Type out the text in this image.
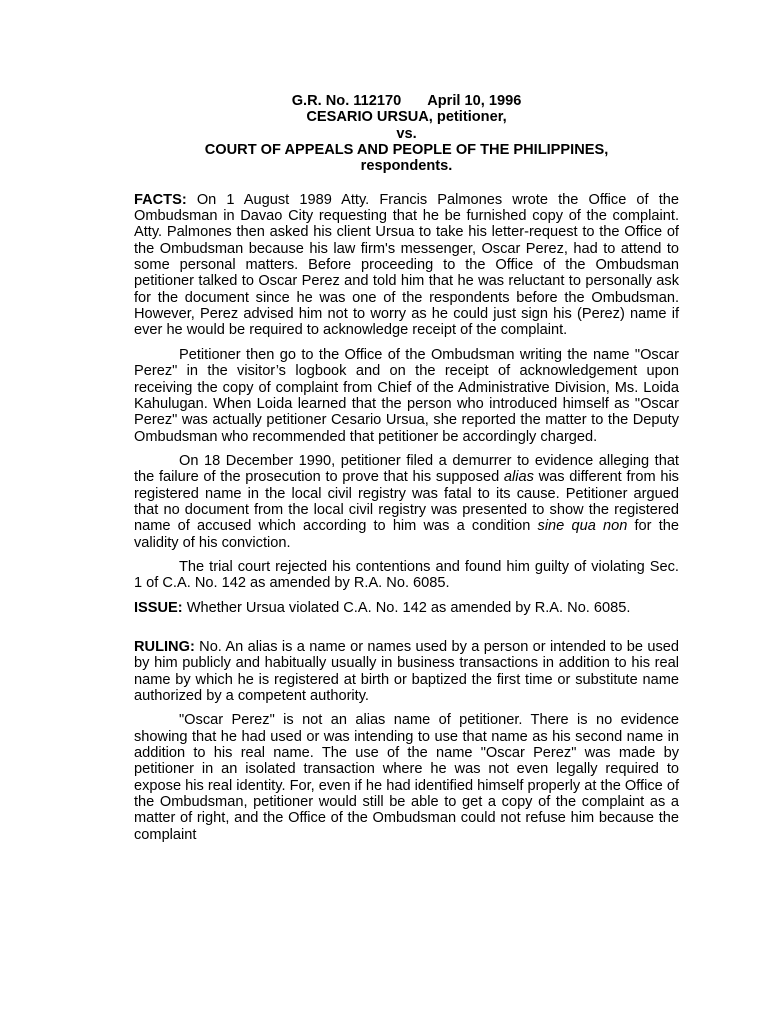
G.R. No. 112170 April 10, 1996
CESARIO URSUA, petitioner,
vs.
COURT OF APPEALS AND PEOPLE OF THE PHILIPPINES,
respondents.

FACTS: On 1 August 1989 Atty. Francis Palmones wrote the Office of the Ombudsman in Davao City requesting that he be furnished copy of the complaint. Atty. Palmones then asked his client Ursua to take his letter-request to the Office of the Ombudsman because his law firm's messenger, Oscar Perez, had to attend to some personal matters. Before proceeding to the Office of the Ombudsman petitioner talked to Oscar Perez and told him that he was reluctant to personally ask for the document since he was one of the respondents before the Ombudsman. However, Perez advised him not to worry as he could just sign his (Perez) name if ever he would be required to acknowledge receipt of the complaint.

Petitioner then go to the Office of the Ombudsman writing the name "Oscar Perez" in the visitor’s logbook and on the receipt of acknowledgement upon receiving the copy of complaint from Chief of the Administrative Division, Ms. Loida Kahulugan. When Loida learned that the person who introduced himself as "Oscar Perez" was actually petitioner Cesario Ursua, she reported the matter to the Deputy Ombudsman who recommended that petitioner be accordingly charged.

On 18 December 1990, petitioner filed a demurrer to evidence alleging that the failure of the prosecution to prove that his supposed alias was different from his registered name in the local civil registry was fatal to its cause. Petitioner argued that no document from the local civil registry was presented to show the registered name of accused which according to him was a condition sine qua non for the validity of his conviction.

The trial court rejected his contentions and found him guilty of violating Sec. 1 of C.A. No. 142 as amended by R.A. No. 6085.

ISSUE: Whether Ursua violated C.A. No. 142 as amended by R.A. No. 6085.

RULING: No. An alias is a name or names used by a person or intended to be used by him publicly and habitually usually in business transactions in addition to his real name by which he is registered at birth or baptized the first time or substitute name authorized by a competent authority.

"Oscar Perez" is not an alias name of petitioner. There is no evidence showing that he had used or was intending to use that name as his second name in addition to his real name. The use of the name "Oscar Perez" was made by petitioner in an isolated transaction where he was not even legally required to expose his real identity. For, even if he had identified himself properly at the Office of the Ombudsman, petitioner would still be able to get a copy of the complaint as a matter of right, and the Office of the Ombudsman could not refuse him because the complaint
